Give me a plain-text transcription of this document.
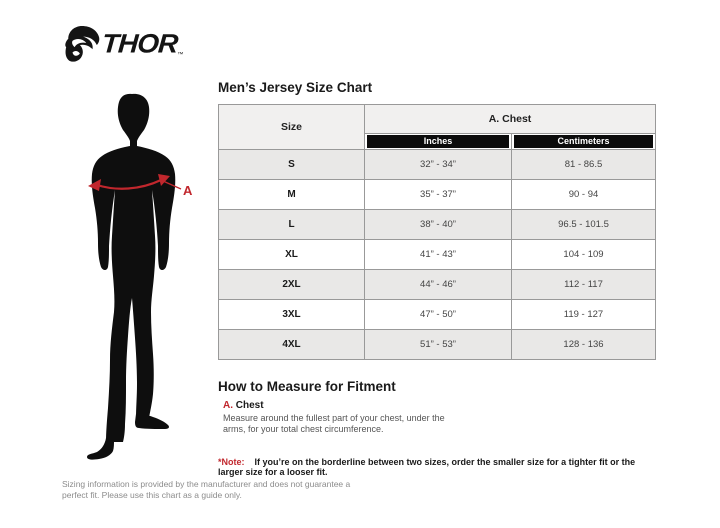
THOR
™
A
Men’s Jersey Size Chart
Size	A. Chest	

	Inches	Centimeters

S	32” - 34”	81 - 86.5
M	35” - 37”	90 - 94
L	38” - 40”	96.5 - 101.5
XL	41” - 43”	104 - 109
2XL	44” - 46”	112 - 117
3XL	47” - 50”	119 - 127
4XL	51” - 53”	128 - 136
How to Measure for Fitment
A. Chest
Measure around the fullest part of your chest, under the arms, for your total chest circumference.
*Note: If you’re on the borderline between two sizes, order the smaller size for a tighter fit or the larger size for a looser fit.
Sizing information is provided by the manufacturer and does not guarantee a perfect fit. Please use this chart as a guide only.
